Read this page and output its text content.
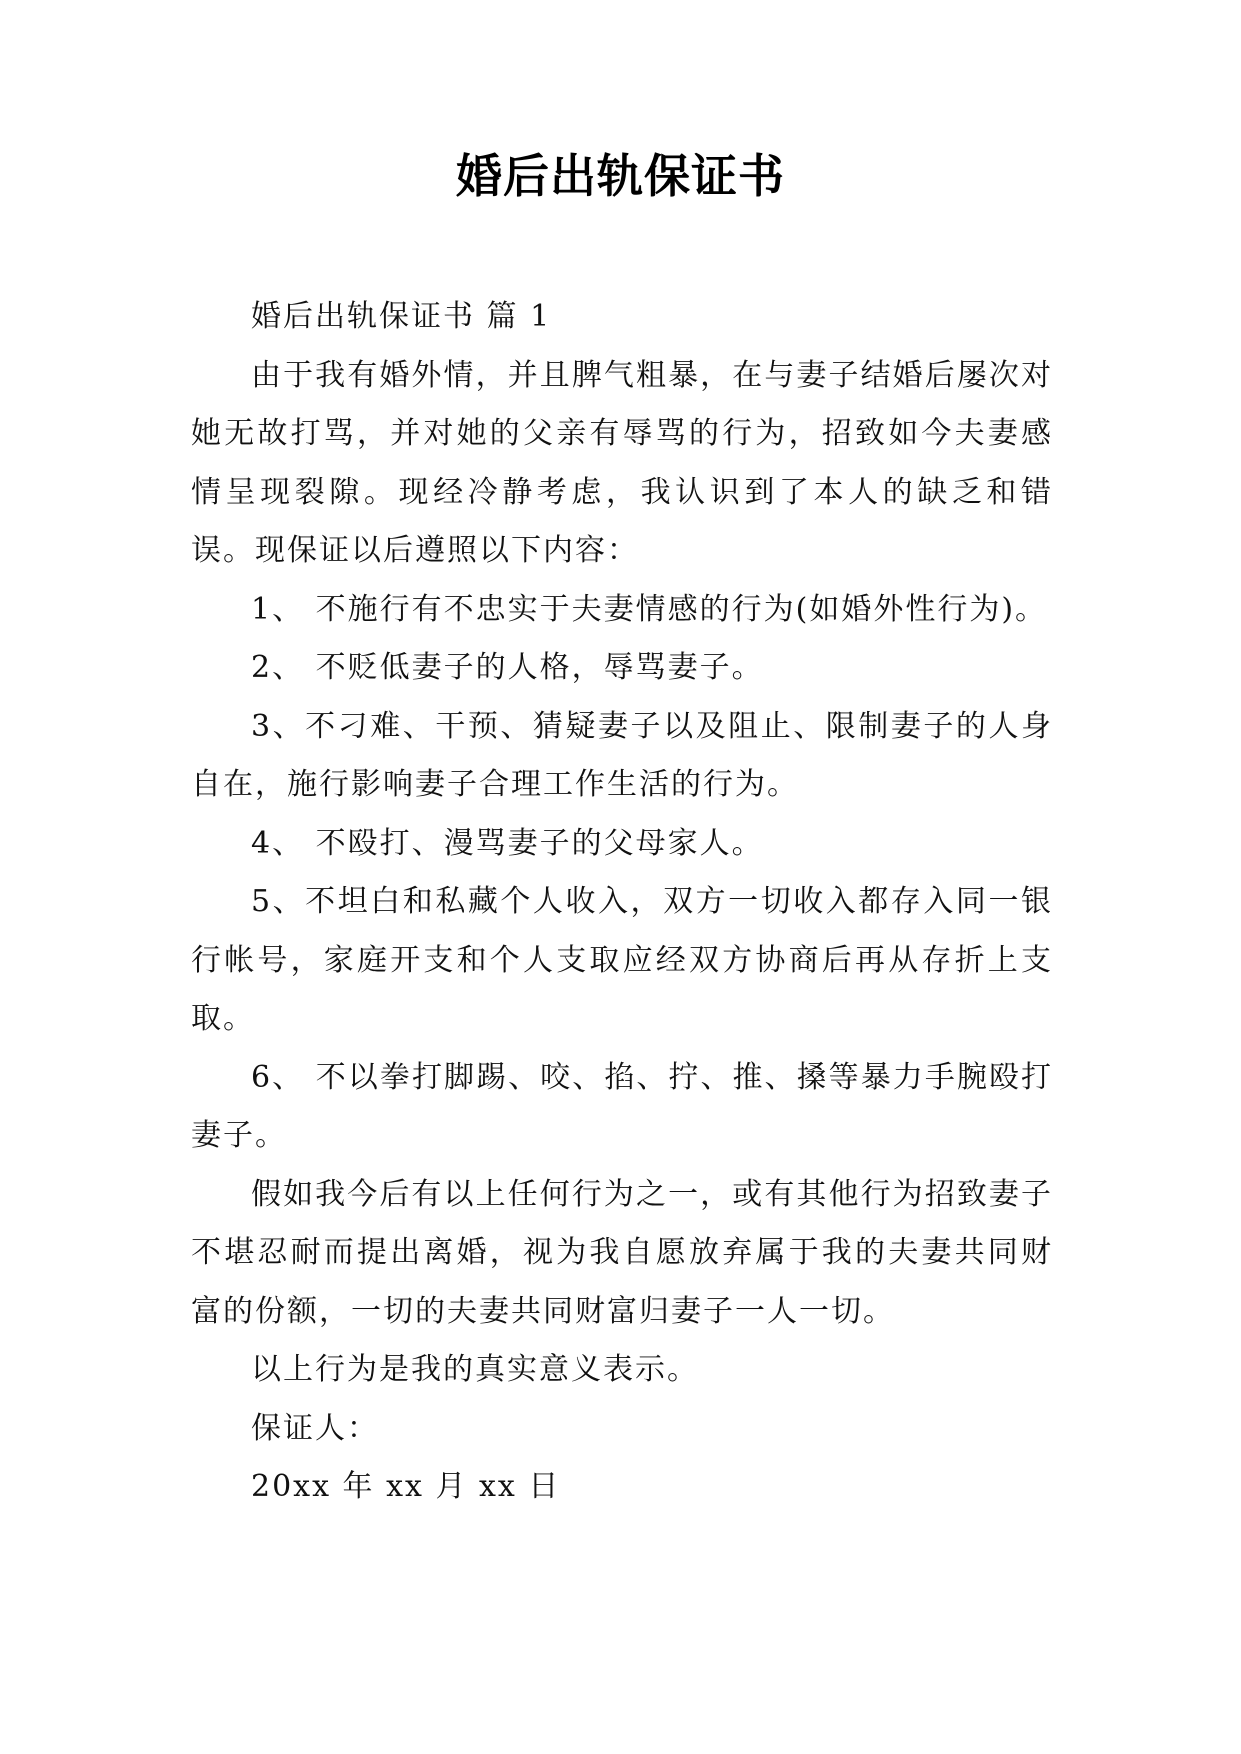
婚后出轨保证书

婚后出轨保证书 篇 1

由于我有婚外情，并且脾气粗暴，在与妻子结婚后屡次对她无故打骂，并对她的父亲有辱骂的行为，招致如今夫妻感情呈现裂隙。现经冷静考虑，我认识到了本人的缺乏和错误。现保证以后遵照以下内容：

1、 不施行有不忠实于夫妻情感的行为(如婚外性行为)。

2、 不贬低妻子的人格，辱骂妻子。

3、不刁难、干预、猜疑妻子以及阻止、限制妻子的人身自在，施行影响妻子合理工作生活的行为。

4、 不殴打、漫骂妻子的父母家人。

5、不坦白和私藏个人收入，双方一切收入都存入同一银行帐号，家庭开支和个人支取应经双方协商后再从存折上支取。

6、 不以拳打脚踢、咬、掐、拧、推、搡等暴力手腕殴打妻子。

假如我今后有以上任何行为之一，或有其他行为招致妻子不堪忍耐而提出离婚，视为我自愿放弃属于我的夫妻共同财富的份额，一切的夫妻共同财富归妻子一人一切。

以上行为是我的真实意义表示。

保证人：

20xx 年 xx 月 xx 日
